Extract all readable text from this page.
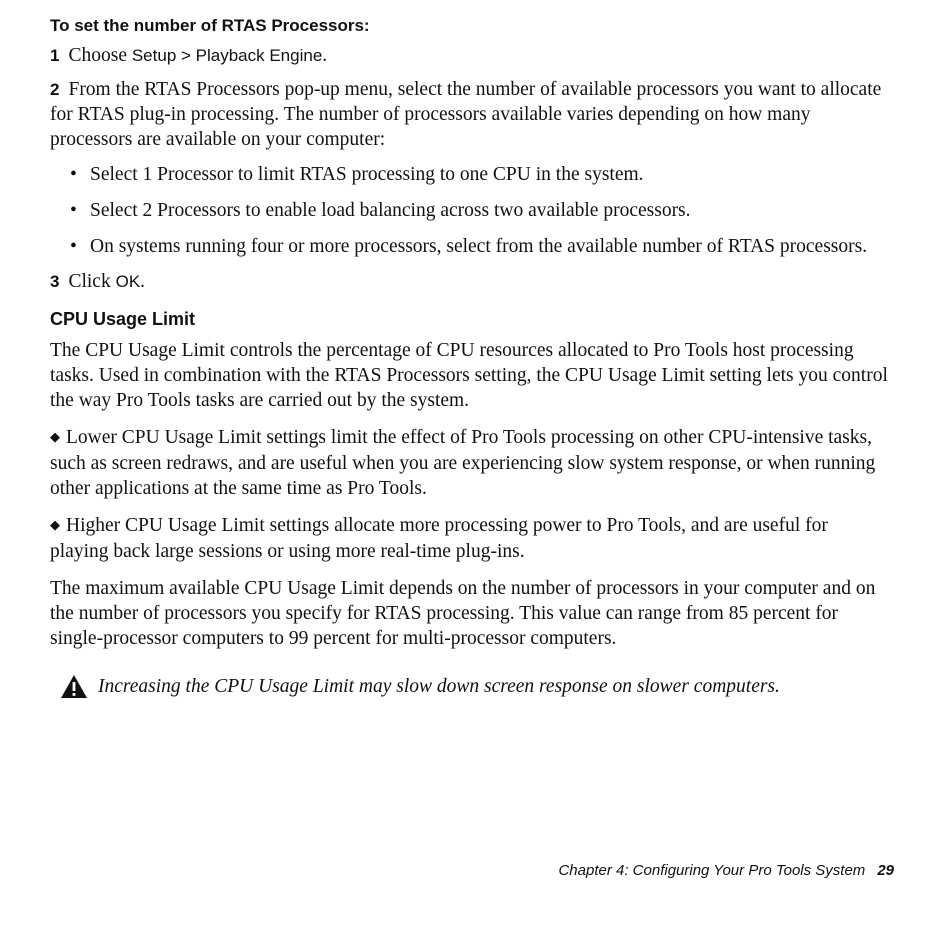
To set the number of RTAS Processors:
1 Choose Setup > Playback Engine.
2 From the RTAS Processors pop-up menu, select the number of available processors you want to allocate for RTAS plug-in processing. The number of processors available varies depending on how many processors are available on your computer:
• Select 1 Processor to limit RTAS processing to one CPU in the system.
• Select 2 Processors to enable load balancing across two available processors.
• On systems running four or more processors, select from the available number of RTAS processors.
3 Click OK.
CPU Usage Limit

The CPU Usage Limit controls the percentage of CPU resources allocated to Pro Tools host processing tasks. Used in combination with the RTAS Processors setting, the CPU Usage Limit setting lets you control the way Pro Tools tasks are carried out by the system.

◆ Lower CPU Usage Limit settings limit the effect of Pro Tools processing on other CPU-intensive tasks, such as screen redraws, and are useful when you are experiencing slow system response, or when running other applications at the same time as Pro Tools.

◆ Higher CPU Usage Limit settings allocate more processing power to Pro Tools, and are useful for playing back large sessions or using more real-time plug-ins.

The maximum available CPU Usage Limit depends on the number of processors in your computer and on the number of processors you specify for RTAS processing. This value can range from 85 percent for single-processor computers to 99 percent for multi-processor computers.

Increasing the CPU Usage Limit may slow down screen response on slower computers.
Chapter 4: Configuring Your Pro Tools System 29
